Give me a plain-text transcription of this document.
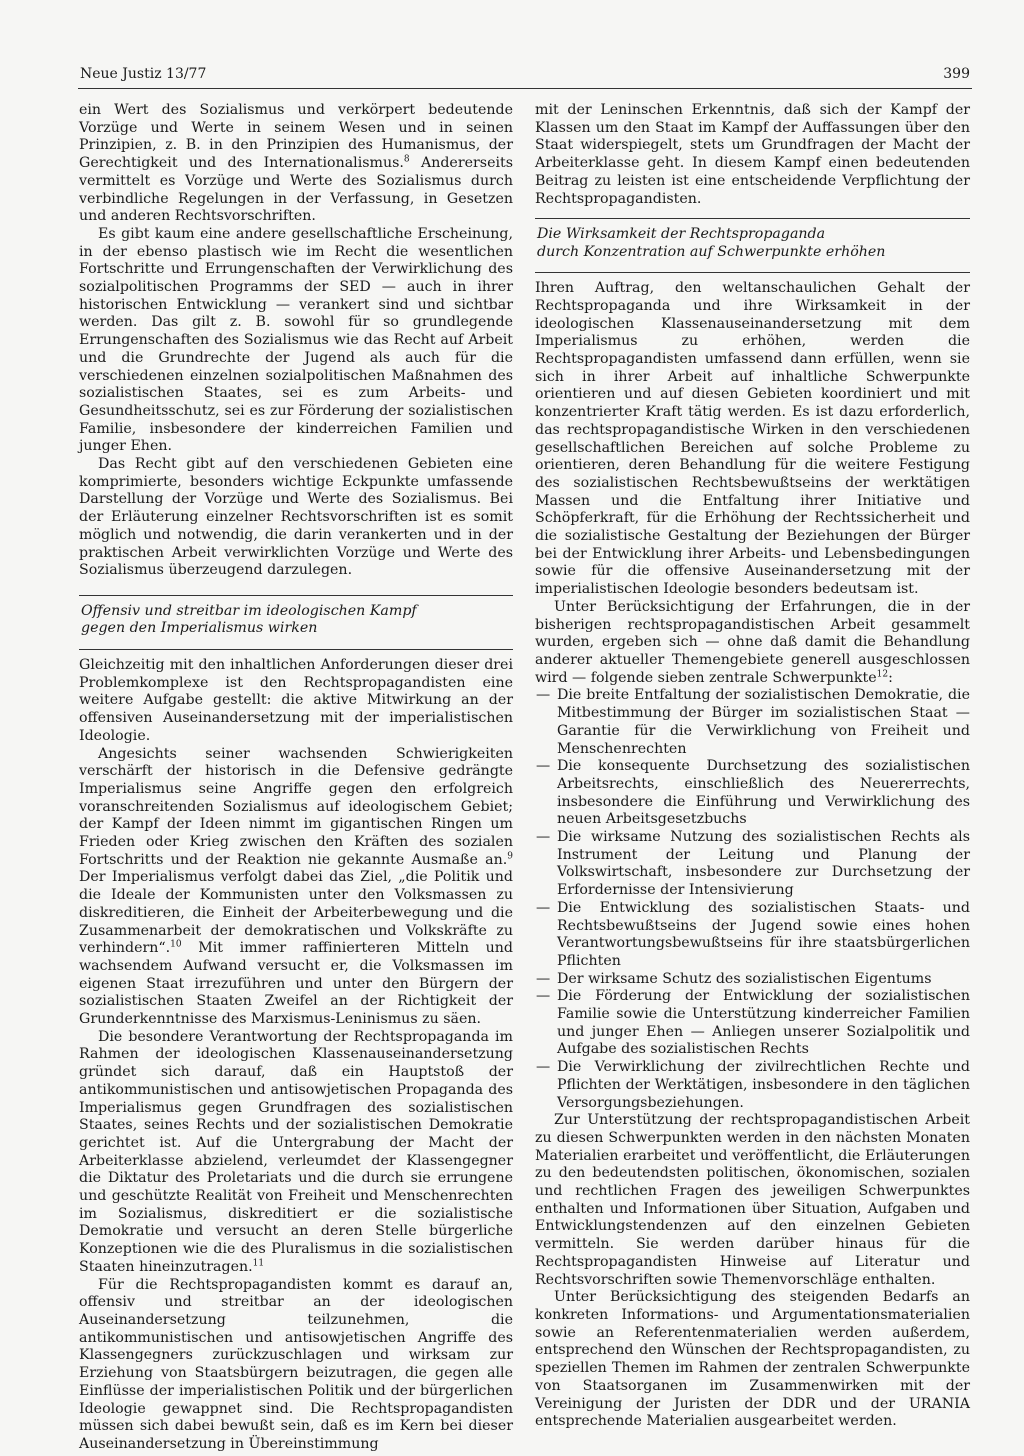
Neue Justiz 13/77	399

ein Wert des Sozialismus und verkörpert bedeutende Vorzüge und Werte in seinem Wesen und in seinen Prinzipien, z. B. in den Prinzipien des Humanismus, der Gerechtigkeit und des Internationalismus.$^8$ Andererseits vermittelt es Vorzüge und Werte des Sozialismus durch verbindliche Regelungen in der Verfassung, in Gesetzen und anderen Rechtsvorschriften.

Es gibt kaum eine andere gesellschaftliche Erscheinung, in der ebenso plastisch wie im Recht die wesentlichen Fortschritte und Errungenschaften der Verwirklichung des sozialpolitischen Programms der SED — auch in ihrer historischen Entwicklung — verankert sind und sichtbar werden. Das gilt z. B. sowohl für so grundlegende Errungenschaften des Sozialismus wie das Recht auf Arbeit und die Grundrechte der Jugend als auch für die verschiedenen einzelnen sozialpolitischen Maßnahmen des sozialistischen Staates, sei es zum Arbeits- und Gesundheitsschutz, sei es zur Förderung der sozialistischen Familie, insbesondere der kinderreichen Familien und junger Ehen.

Das Recht gibt auf den verschiedenen Gebieten eine komprimierte, besonders wichtige Eckpunkte umfassende Darstellung der Vorzüge und Werte des Sozialismus. Bei der Erläuterung einzelner Rechtsvorschriften ist es somit möglich und notwendig, die darin verankerten und in der praktischen Arbeit verwirklichten Vorzüge und Werte des Sozialismus überzeugend darzulegen.

Offensiv und streitbar im ideologischen Kampf
gegen den Imperialismus wirken

Gleichzeitig mit den inhaltlichen Anforderungen dieser drei Problemkomplexe ist den Rechtspropagandisten eine weitere Aufgabe gestellt: die aktive Mitwirkung an der offensiven Auseinandersetzung mit der imperialistischen Ideologie.

Angesichts seiner wachsenden Schwierigkeiten verschärft der historisch in die Defensive gedrängte Imperialismus seine Angriffe gegen den erfolgreich voranschreitenden Sozialismus auf ideologischem Gebiet; der Kampf der Ideen nimmt im gigantischen Ringen um Frieden oder Krieg zwischen den Kräften des sozialen Fortschritts und der Reaktion nie gekannte Ausmaße an.$^9$ Der Imperialismus verfolgt dabei das Ziel, „die Politik und die Ideale der Kommunisten unter den Volksmassen zu diskreditieren, die Einheit der Arbeiterbewegung und die Zusammenarbeit der demokratischen und Volkskräfte zu verhindern“.$^{10}$ Mit immer raffinierteren Mitteln und wachsendem Aufwand versucht er, die Volksmassen im eigenen Staat irrezuführen und unter den Bürgern der sozialistischen Staaten Zweifel an der Richtigkeit der Grunderkenntnisse des Marxismus-Leninismus zu säen.

Die besondere Verantwortung der Rechtspropaganda im Rahmen der ideologischen Klassenauseinandersetzung gründet sich darauf, daß ein Hauptstoß der antikommunistischen und antisowjetischen Propaganda des Imperialismus gegen Grundfragen des sozialistischen Staates, seines Rechts und der sozialistischen Demokratie gerichtet ist. Auf die Untergrabung der Macht der Arbeiterklasse abzielend, verleumdet der Klassengegner die Diktatur des Proletariats und die durch sie errungene und geschützte Realität von Freiheit und Menschenrechten im Sozialismus, diskreditiert er die sozialistische Demokratie und versucht an deren Stelle bürgerliche Konzeptionen wie die des Pluralismus in die sozialistischen Staaten hineinzutragen.$^{11}$

Für die Rechtspropagandisten kommt es darauf an, offensiv und streitbar an der ideologischen Auseinandersetzung teilzunehmen, die antikommunistischen und antisowjetischen Angriffe des Klassengegners zurückzuschlagen und wirksam zur Erziehung von Staatsbürgern beizutragen, die gegen alle Einflüsse der imperialistischen Politik und der bürgerlichen Ideologie gewappnet sind. Die Rechtspropagandisten müssen sich dabei bewußt sein, daß es im Kern bei dieser Auseinandersetzung in Übereinstimmung

mit der Leninschen Erkenntnis, daß sich der Kampf der Klassen um den Staat im Kampf der Auffassungen über den Staat widerspiegelt, stets um Grundfragen der Macht der Arbeiterklasse geht. In diesem Kampf einen bedeutenden Beitrag zu leisten ist eine entscheidende Verpflichtung der Rechtspropagandisten.

Die Wirksamkeit der Rechtspropaganda
durch Konzentration auf Schwerpunkte erhöhen

Ihren Auftrag, den weltanschaulichen Gehalt der Rechtspropaganda und ihre Wirksamkeit in der ideologischen Klassenauseinandersetzung mit dem Imperialismus zu erhöhen, werden die Rechtspropagandisten umfassend dann erfüllen, wenn sie sich in ihrer Arbeit auf inhaltliche Schwerpunkte orientieren und auf diesen Gebieten koordiniert und mit konzentrierter Kraft tätig werden. Es ist dazu erforderlich, das rechtspropagandistische Wirken in den verschiedenen gesellschaftlichen Bereichen auf solche Probleme zu orientieren, deren Behandlung für die weitere Festigung des sozialistischen Rechtsbewußtseins der werktätigen Massen und die Entfaltung ihrer Initiative und Schöpferkraft, für die Erhöhung der Rechtssicherheit und die sozialistische Gestaltung der Beziehungen der Bürger bei der Entwicklung ihrer Arbeits- und Lebensbedingungen sowie für die offensive Auseinandersetzung mit der imperialistischen Ideologie besonders bedeutsam ist.

Unter Berücksichtigung der Erfahrungen, die in der bisherigen rechtspropagandistischen Arbeit gesammelt wurden, ergeben sich — ohne daß damit die Behandlung anderer aktueller Themengebiete generell ausgeschlossen wird — folgende sieben zentrale Schwerpunkte$^{12}$:

— Die breite Entfaltung der sozialistischen Demokratie, die Mitbestimmung der Bürger im sozialistischen Staat — Garantie für die Verwirklichung von Freiheit und Menschenrechten
— Die konsequente Durchsetzung des sozialistischen Arbeitsrechts, einschließlich des Neuererrechts, insbesondere die Einführung und Verwirklichung des neuen Arbeitsgesetzbuchs
— Die wirksame Nutzung des sozialistischen Rechts als Instrument der Leitung und Planung der Volkswirtschaft, insbesondere zur Durchsetzung der Erfordernisse der Intensivierung
— Die Entwicklung des sozialistischen Staats- und Rechtsbewußtseins der Jugend sowie eines hohen Verantwortungsbewußtseins für ihre staatsbürgerlichen Pflichten
— Der wirksame Schutz des sozialistischen Eigentums
— Die Förderung der Entwicklung der sozialistischen Familie sowie die Unterstützung kinderreicher Familien und junger Ehen — Anliegen unserer Sozialpolitik und Aufgabe des sozialistischen Rechts
— Die Verwirklichung der zivilrechtlichen Rechte und Pflichten der Werktätigen, insbesondere in den täglichen Versorgungsbeziehungen.

Zur Unterstützung der rechtspropagandistischen Arbeit zu diesen Schwerpunkten werden in den nächsten Monaten Materialien erarbeitet und veröffentlicht, die Erläuterungen zu den bedeutendsten politischen, ökonomischen, sozialen und rechtlichen Fragen des jeweiligen Schwerpunktes enthalten und Informationen über Situation, Aufgaben und Entwicklungstendenzen auf den einzelnen Gebieten vermitteln. Sie werden darüber hinaus für die Rechtspropagandisten Hinweise auf Literatur und Rechtsvorschriften sowie Themenvorschläge enthalten.

Unter Berücksichtigung des steigenden Bedarfs an konkreten Informations- und Argumentationsmaterialien sowie an Referentenmaterialien werden außerdem, entsprechend den Wünschen der Rechtspropagandisten, zu speziellen Themen im Rahmen der zentralen Schwerpunkte von Staatsorganen im Zusammenwirken mit der Vereinigung der Juristen der DDR und der URANIA entsprechende Materialien ausgearbeitet werden.
